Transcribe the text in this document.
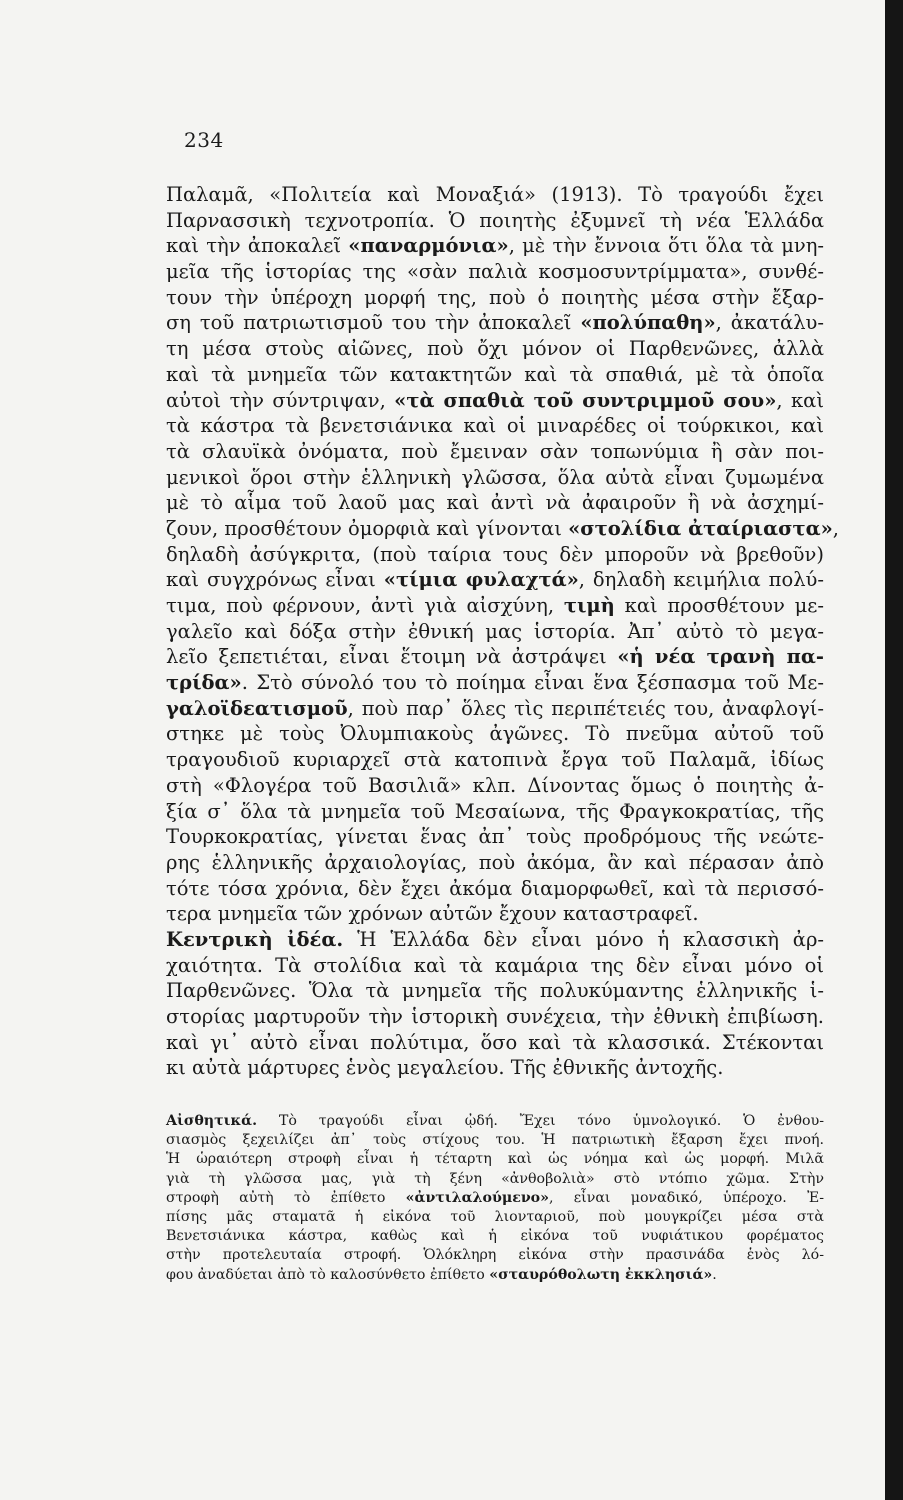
234
Παλαμᾶ, «Πολιτεία καὶ Μοναξιά» (1913). Τὸ τραγούδι ἔχει
Παρνασσικὴ τεχνοτροπία. Ὁ ποιητὴς ἐξυμνεῖ τὴ νέα Ἑλλάδα
καὶ τὴν ἀποκαλεῖ «παναρμόνια», μὲ τὴν ἔννοια ὅτι ὅλα τὰ μνη-
μεῖα τῆς ἱστορίας της «σὰν παλιὰ κοσμοσυντρίμματα», συνθέ-
τουν τὴν ὑπέροχη μορφή της, ποὺ ὁ ποιητὴς μέσα στὴν ἔξαρ-
ση τοῦ πατριωτισμοῦ του τὴν ἀποκαλεῖ «πολύπαθη», ἀκατάλυ-
τη μέσα στοὺς αἰῶνες, ποὺ ὄχι μόνον οἱ Παρθενῶνες, ἀλλὰ
καὶ τὰ μνημεῖα τῶν κατακτητῶν καὶ τὰ σπαθιά, μὲ τὰ ὁποῖα
αὐτοὶ τὴν σύντριψαν, «τὰ σπαθιὰ τοῦ συντριμμοῦ σου», καὶ
τὰ κάστρα τὰ βενετσιάνικα καὶ οἱ μιναρέδες οἱ τούρκικοι, καὶ
τὰ σλαυϊκὰ ὀνόματα, ποὺ ἔμειναν σὰν τοπωνύμια ἢ σὰν ποι-
μενικοὶ ὅροι στὴν ἑλληνικὴ γλῶσσα, ὅλα αὐτὰ εἶναι ζυμωμένα
μὲ τὸ αἷμα τοῦ λαοῦ μας καὶ ἀντὶ νὰ ἀφαιροῦν ἢ νὰ ἀσχημί-
ζουν, προσθέτουν ὀμορφιὰ καὶ γίνονται «στολίδια ἀταίριαστα»,
δηλαδὴ ἀσύγκριτα, (ποὺ ταίρια τους δὲν μποροῦν νὰ βρεθοῦν)
καὶ συγχρόνως εἶναι «τίμια φυλαχτά», δηλαδὴ κειμήλια πολύ-
τιμα, ποὺ φέρνουν, ἀντὶ γιὰ αἰσχύνη, τιμὴ καὶ προσθέτουν με-
γαλεῖο καὶ δόξα στὴν ἐθνική μας ἱστορία. Ἀπ᾽ αὐτὸ τὸ μεγα-
λεῖο ξεπετιέται, εἶναι ἕτοιμη νὰ ἀστράψει «ἡ νέα τρανὴ πα-
τρίδα». Στὸ σύνολό του τὸ ποίημα εἶναι ἕνα ξέσπασμα τοῦ Με-
γαλοϊδεατισμοῦ, ποὺ παρ᾽ ὅλες τὶς περιπέτειές του, ἀναφλογί-
στηκε μὲ τοὺς Ὀλυμπιακοὺς ἀγῶνες. Τὸ πνεῦμα αὐτοῦ τοῦ
τραγουδιοῦ κυριαρχεῖ στὰ κατοπινὰ ἔργα τοῦ Παλαμᾶ, ἰδίως
στὴ «Φλογέρα τοῦ Βασιλιᾶ» κλπ. Δίνοντας ὅμως ὁ ποιητὴς ἀ-
ξία σ᾽ ὅλα τὰ μνημεῖα τοῦ Μεσαίωνα, τῆς Φραγκοκρατίας, τῆς
Τουρκοκρατίας, γίνεται ἕνας ἀπ᾽ τοὺς προδρόμους τῆς νεώτε-
ρης ἑλληνικῆς ἀρχαιολογίας, ποὺ ἀκόμα, ἂν καὶ πέρασαν ἀπὸ
τότε τόσα χρόνια, δὲν ἔχει ἀκόμα διαμορφωθεῖ, καὶ τὰ περισσό-
τερα μνημεῖα τῶν χρόνων αὐτῶν ἔχουν καταστραφεῖ.
Κεντρικὴ ἰδέα. Ἡ Ἑλλάδα δὲν εἶναι μόνο ἡ κλασσικὴ ἀρ-
χαιότητα. Τὰ στολίδια καὶ τὰ καμάρια της δὲν εἶναι μόνο οἱ
Παρθενῶνες. Ὅλα τὰ μνημεῖα τῆς πολυκύμαντης ἑλληνικῆς ἱ-
στορίας μαρτυροῦν τὴν ἱστορικὴ συνέχεια, τὴν ἐθνικὴ ἐπιβίωση.
καὶ γι᾽ αὐτὸ εἶναι πολύτιμα, ὅσο καὶ τὰ κλασσικά. Στέκονται
κι αὐτὰ μάρτυρες ἑνὸς μεγαλείου. Τῆς ἐθνικῆς ἀντοχῆς.
Αἰσθητικά. Τὸ τραγούδι εἶναι ᾠδή. Ἔχει τόνο ὑμνολογικό. Ὁ ἐνθου-
σιασμὸς ξεχειλίζει ἀπ᾽ τοὺς στίχους του. Ἡ πατριωτικὴ ἔξαρση ἔχει πνοή.
Ἡ ὡραιότερη στροφὴ εἶναι ἡ τέταρτη καὶ ὡς νόημα καὶ ὡς μορφή. Μιλᾶ
γιὰ τὴ γλῶσσα μας, γιὰ τὴ ξένη «ἀνθοβολιὰ» στὸ ντόπιο χῶμα. Στὴν
στροφὴ αὐτὴ τὸ ἐπίθετο «ἀντιλαλούμενο», εἶναι μοναδικό, ὑπέροχο. Ἐ-
πίσης μᾶς σταματᾶ ἡ εἰκόνα τοῦ λιονταριοῦ, ποὺ μουγκρίζει μέσα στὰ
Βενετσιάνικα κάστρα, καθὼς καὶ ἡ εἰκόνα τοῦ νυφιάτικου φορέματος
στὴν προτελευταία στροφή. Ὁλόκληρη εἰκόνα στὴν πρασινάδα ἑνὸς λό-
φου ἀναδύεται ἀπὸ τὸ καλοσύνθετο ἐπίθετο «σταυρόθολωτη ἐκκλησιά».
